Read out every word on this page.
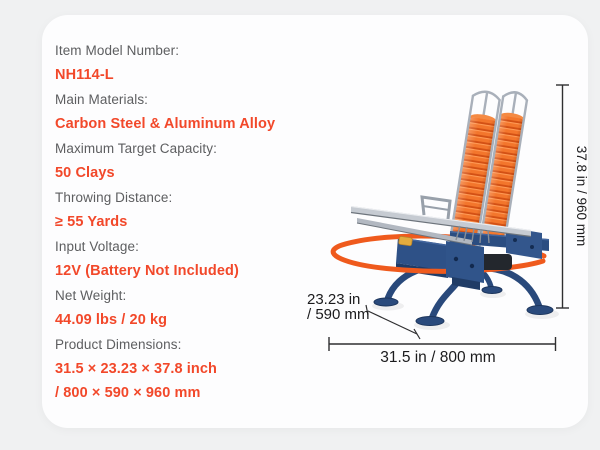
Item Model Number:
NH114-L
Main Materials:
Carbon Steel & Aluminum Alloy
Maximum Target Capacity:
50 Clays
Throwing Distance:
≥ 55 Yards
Input Voltage:
12V (Battery Not Included)
Net Weight:
44.09 lbs / 20 kg
Product Dimensions:
31.5 × 23.23 × 37.8 inch
/ 800 × 590 × 960 mm
37.8 in / 960 mm
23.23 in
/ 590 mm
31.5 in / 800 mm
